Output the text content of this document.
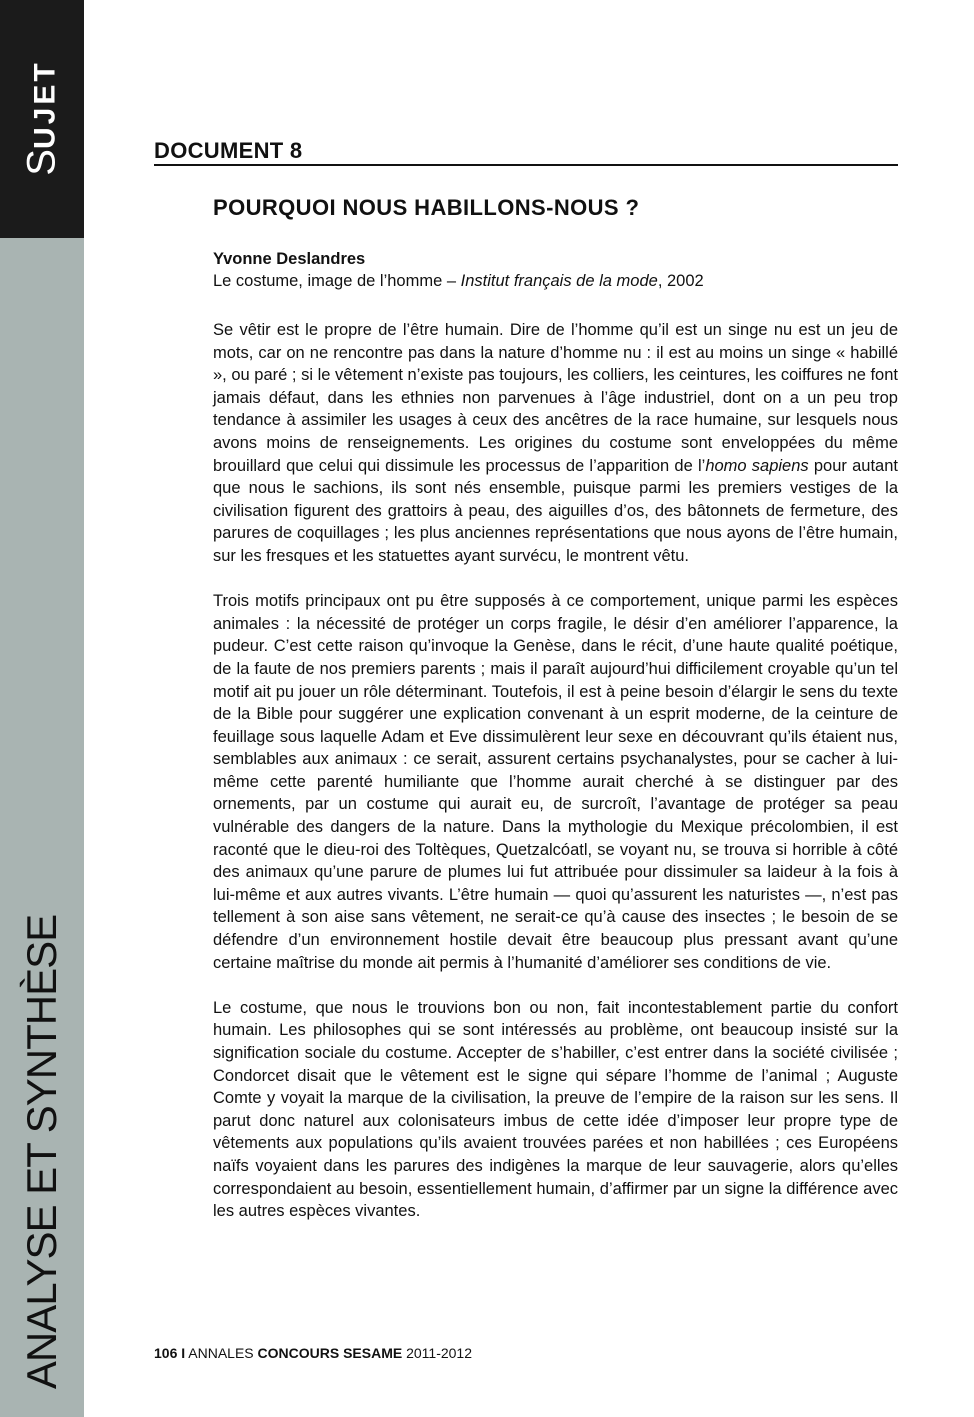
SUJET
ANALYSE ET SYNTHÈSE
DOCUMENT 8
POURQUOI NOUS HABILLONS-NOUS ?
Yvonne Deslandres
Le costume, image de l’homme – Institut français de la mode, 2002

Se vêtir est le propre de l’être humain. Dire de l’homme qu’il est un singe nu est un jeu de mots, car on ne rencontre pas dans la nature d’homme nu : il est au moins un singe « habillé », ou paré ; si le vêtement n’existe pas toujours, les colliers, les ceintures, les coiffures ne font jamais défaut, dans les ethnies non parvenues à l’âge industriel, dont on a un peu trop tendance à assimiler les usages à ceux des ancêtres de la race humaine, sur lesquels nous avons moins de renseignements. Les origines du costume sont enveloppées du même brouillard que celui qui dissimule les processus de l’apparition de l’homo sapiens pour autant que nous le sachions, ils sont nés ensemble, puisque parmi les premiers vestiges de la civilisation figurent des grattoirs à peau, des aiguilles d’os, des bâtonnets de fermeture, des parures de coquillages ; les plus anciennes représentations que nous ayons de l’être humain, sur les fresques et les statuettes ayant survécu, le montrent vêtu.

Trois motifs principaux ont pu être supposés à ce comportement, unique parmi les espèces animales : la nécessité de protéger un corps fragile, le désir d’en améliorer l’apparence, la pudeur. C’est cette raison qu’invoque la Genèse, dans le récit, d’une haute qualité poétique, de la faute de nos premiers parents ; mais il paraît aujourd’hui difficilement croyable qu’un tel motif ait pu jouer un rôle déterminant. Toutefois, il est à peine besoin d’élargir le sens du texte de la Bible pour suggérer une explication convenant à un esprit moderne, de la ceinture de feuillage sous laquelle Adam et Eve dissimulèrent leur sexe en découvrant qu’ils étaient nus, semblables aux animaux : ce serait, assurent certains psychanalystes, pour se cacher à lui-même cette parenté humiliante que l’homme aurait cherché à se distinguer par des ornements, par un costume qui aurait eu, de surcroît, l’avantage de protéger sa peau vulnérable des dangers de la nature. Dans la mythologie du Mexique précolombien, il est raconté que le dieu-roi des Toltèques, Quetzalcóatl, se voyant nu, se trouva si horrible à côté des animaux qu’une parure de plumes lui fut attribuée pour dissimuler sa laideur à la fois à lui-même et aux autres vivants. L’être humain — quoi qu’assurent les naturistes —, n’est pas tellement à son aise sans vêtement, ne serait-ce qu’à cause des insectes ; le besoin de se défendre d’un environnement hostile devait être beaucoup plus pressant avant qu’une certaine maîtrise du monde ait permis à l’humanité d’améliorer ses conditions de vie.

Le costume, que nous le trouvions bon ou non, fait incontestablement partie du confort humain. Les philosophes qui se sont intéressés au problème, ont beaucoup insisté sur la signification sociale du costume. Accepter de s’habiller, c’est entrer dans la société civilisée ; Condorcet disait que le vêtement est le signe qui sépare l’homme de l’animal ; Auguste Comte y voyait la marque de la civilisation, la preuve de l’empire de la raison sur les sens. Il parut donc naturel aux colonisateurs imbus de cette idée d’imposer leur propre type de vêtements aux populations qu’ils avaient trouvées parées et non habillées ; ces Européens naïfs voyaient dans les parures des indigènes la marque de leur sauvagerie, alors qu’elles correspondaient au besoin, essentiellement humain, d’affirmer par un signe la différence avec les autres espèces vivantes.

106 I ANNALES CONCOURS SESAME 2011-2012
